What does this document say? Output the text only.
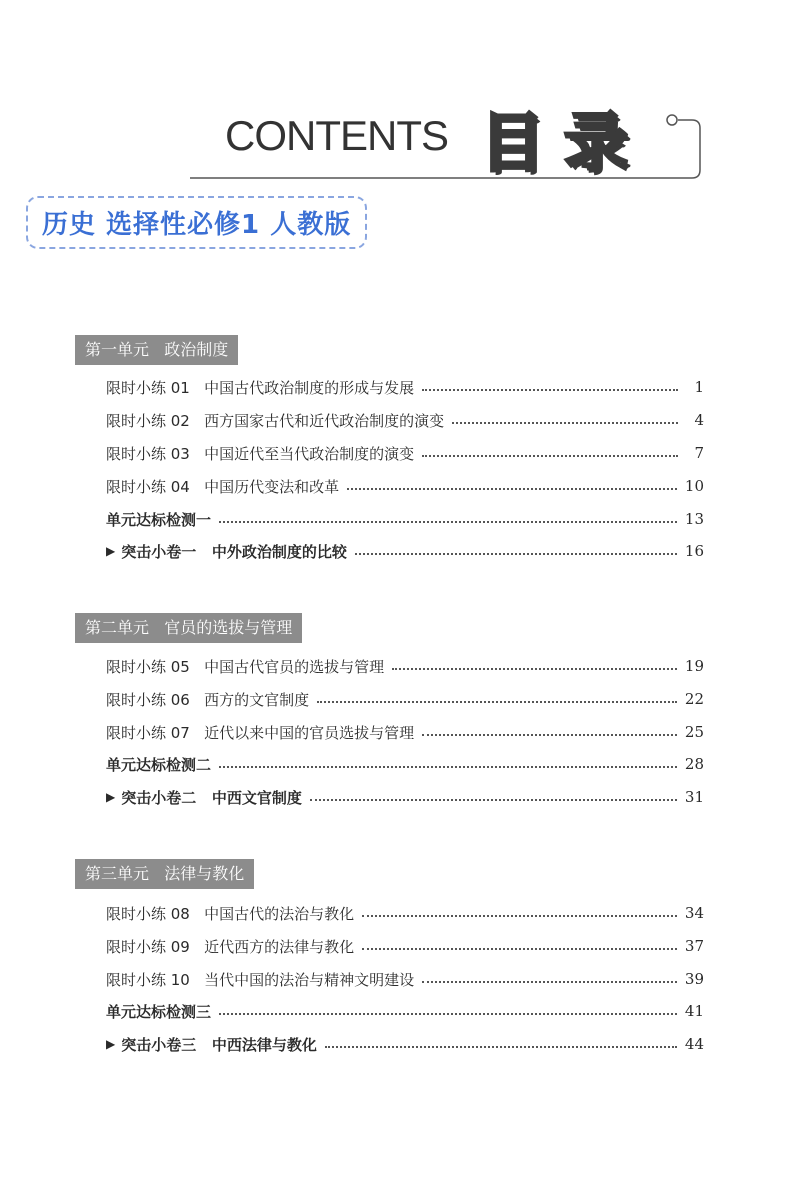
CONTENTS 目录
历史 选择性必修1 人教版
第一单元   政治制度
限时小练 01   中国古代政治制度的形成与发展	1
限时小练 02   西方国家古代和近代政治制度的演变	4
限时小练 03   中国近代至当代政治制度的演变	7
限时小练 04   中国历代变法和改革	10
单元达标检测一	13
▶ 突击小卷一   中外政治制度的比较	16
第二单元   官员的选拔与管理
限时小练 05   中国古代官员的选拔与管理	19
限时小练 06   西方的文官制度	22
限时小练 07   近代以来中国的官员选拔与管理	25
单元达标检测二	28
▶ 突击小卷二   中西文官制度	31
第三单元   法律与教化
限时小练 08   中国古代的法治与教化	34
限时小练 09   近代西方的法律与教化	37
限时小练 10   当代中国的法治与精神文明建设	39
单元达标检测三	41
▶ 突击小卷三   中西法律与教化	44
